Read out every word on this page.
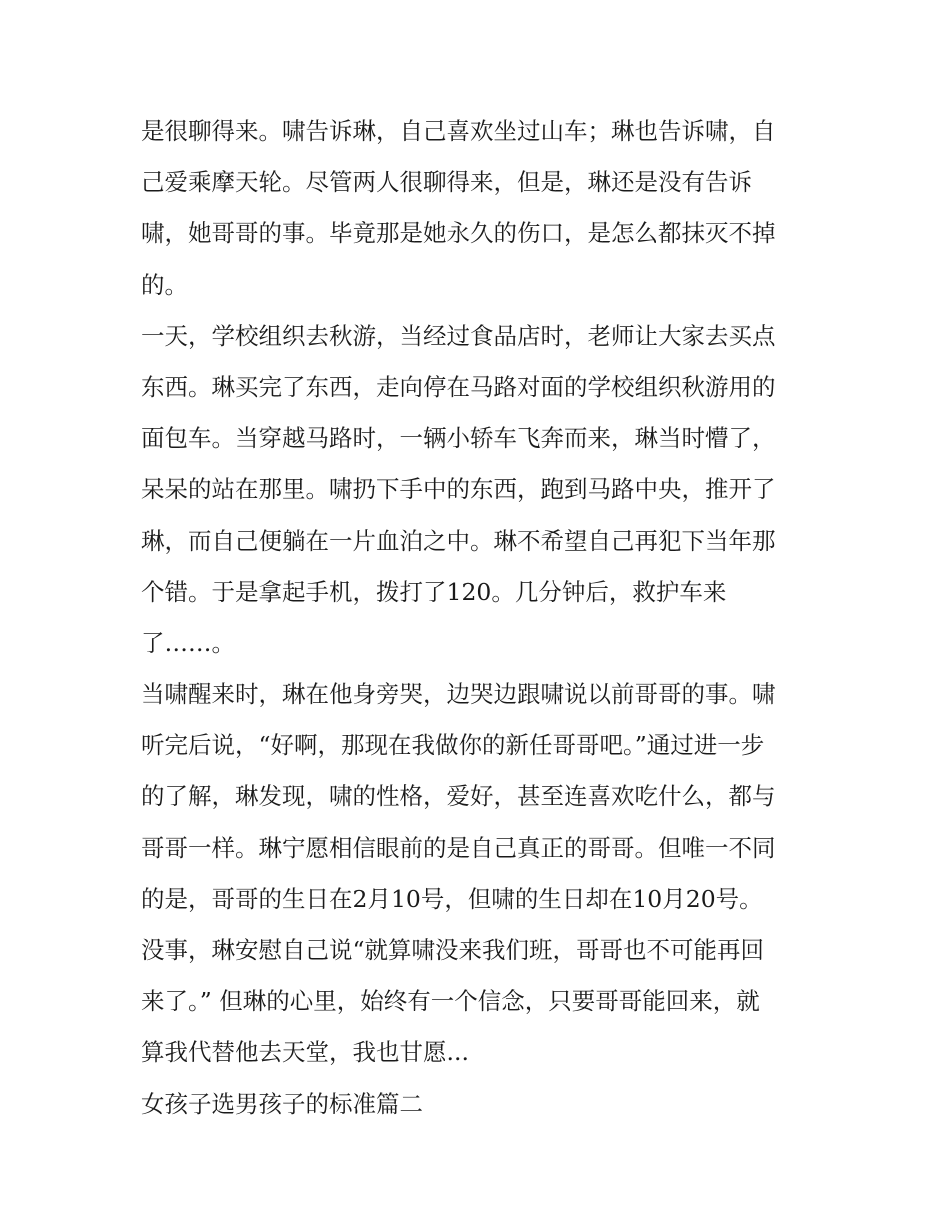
是很聊得来。啸告诉琳，自己喜欢坐过山车；琳也告诉啸，自
己爱乘摩天轮。尽管两人很聊得来，但是，琳还是没有告诉
啸，她哥哥的事。毕竟那是她永久的伤口，是怎么都抹灭不掉
的。
一天，学校组织去秋游，当经过食品店时，老师让大家去买点
东西。琳买完了东西，走向停在马路对面的学校组织秋游用的
面包车。当穿越马路时，一辆小轿车飞奔而来，琳当时懵了，
呆呆的站在那里。啸扔下手中的东西，跑到马路中央，推开了
琳，而自己便躺在一片血泊之中。琳不希望自己再犯下当年那
个错。于是拿起手机，拨打了120。几分钟后，救护车来
了……。
当啸醒来时，琳在他身旁哭，边哭边跟啸说以前哥哥的事。啸
听完后说，“好啊，那现在我做你的新任哥哥吧。”通过进一步
的了解，琳发现，啸的性格，爱好，甚至连喜欢吃什么，都与
哥哥一样。琳宁愿相信眼前的是自己真正的哥哥。但唯一不同
的是，哥哥的生日在2月10号，但啸的生日却在10月20号。
没事，琳安慰自己说“就算啸没来我们班，哥哥也不可能再回
来了。” 但琳的心里，始终有一个信念，只要哥哥能回来，就
算我代替他去天堂，我也甘愿...
女孩子选男孩子的标准篇二
